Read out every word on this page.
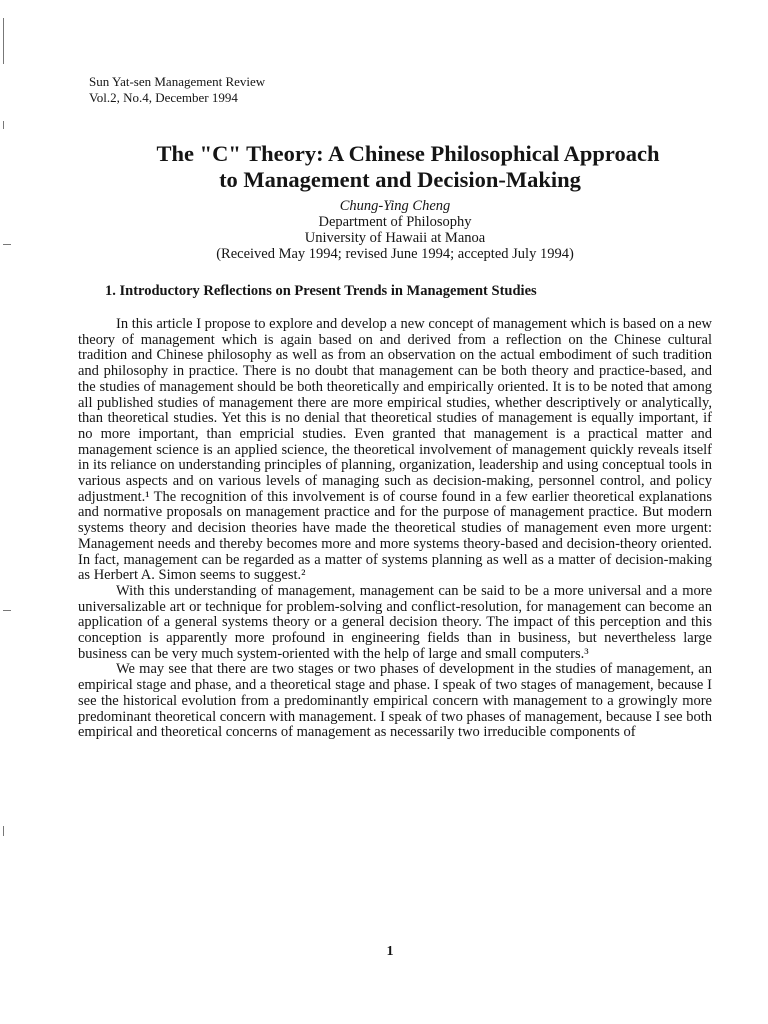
Sun Yat-sen Management Review
Vol.2, No.4, December 1994
The "C" Theory: A Chinese Philosophical Approach
to Management and Decision-Making
Chung-Ying Cheng
Department of Philosophy
University of Hawaii at Manoa
(Received May 1994; revised June 1994; accepted July 1994)
1. Introductory Reflections on Present Trends in Management Studies

In this article I propose to explore and develop a new concept of management which is based on a new theory of management which is again based on and derived from a reflection on the Chinese cultural tradition and Chinese philosophy as well as from an observation on the actual embodiment of such tradition and philosophy in practice. There is no doubt that management can be both theory and practice-based, and the studies of management should be both theoretically and empirically oriented. It is to be noted that among all published studies of management there are more empirical studies, whether descriptively or analytically, than theoretical studies. Yet this is no denial that theoretical studies of management is equally important, if no more important, than empricial studies. Even granted that management is a practical matter and management science is an applied science, the theoretical involvement of management quickly reveals itself in its reliance on understanding principles of planning, organization, leadership and using conceptual tools in various aspects and on various levels of managing such as decision-making, personnel control, and policy adjustment.¹ The recognition of this involvement is of course found in a few earlier theoretical explanations and normative proposals on management practice and for the purpose of management practice. But modern systems theory and decision theories have made the theoretical studies of management even more urgent: Management needs and thereby becomes more and more systems theory-based and decision-theory oriented. In fact, management can be regarded as a matter of systems planning as well as a matter of decision-making as Herbert A. Simon seems to suggest.²

With this understanding of management, management can be said to be a more universal and a more universalizable art or technique for problem-solving and conflict-resolution, for management can become an application of a general systems theory or a general decision theory. The impact of this perception and this conception is apparently more profound in engineering fields than in business, but nevertheless large business can be very much system-oriented with the help of large and small computers.³

We may see that there are two stages or two phases of development in the studies of management, an empirical stage and phase, and a theoretical stage and phase. I speak of two stages of management, because I see the historical evolution from a predominantly empirical concern with management to a growingly more predominant theoretical concern with management. I speak of two phases of management, because I see both empirical and theoretical concerns of management as necessarily two irreducible components of

1
